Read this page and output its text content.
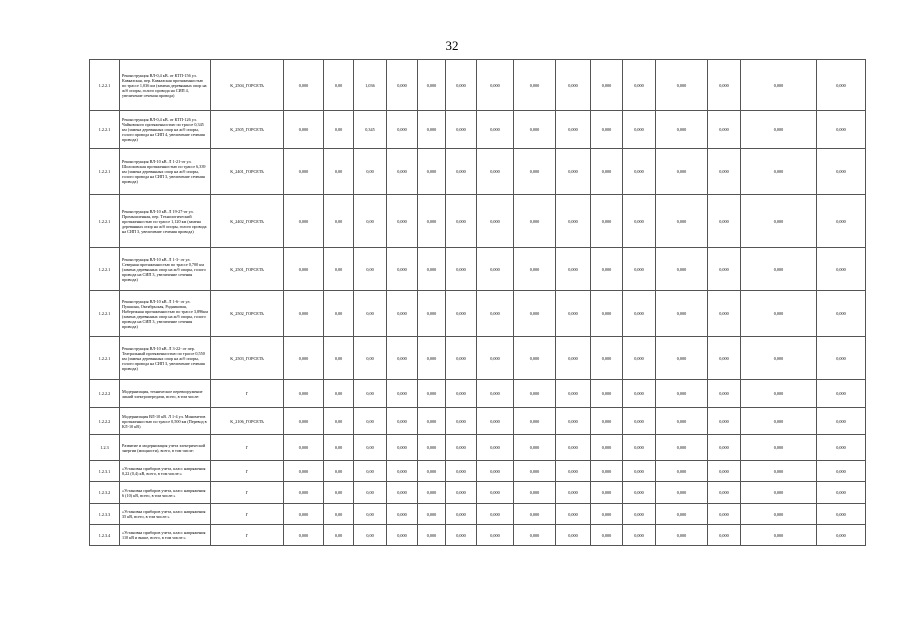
32
1.2.2.1	Реконструкция ВЛ-0,4 кВ. от КТП-156 ул. Кавказская, пер. Кавказская протяженностью по трассе 1,036 км (замена деревянных опор на ж/б опоры, голого провода на СИП 4, увеличение сечения провода)	K_2504_ГОРСЕТЬ	0,000	0,00	1,036	0,000	0,000	0,000	0,000	0,000	0,000	0,000	0,000	0,000	0,000	0,000	0,000
1.2.2.1	Реконструкция ВЛ-0,4 кВ. от КТП-126 ул. Чайковского протяженностью по трассе 0,345 км (замена деревянных опор на ж/б опоры, голого провода на СИП 4, увеличение сечения провода)	K_2505_ГОРСЕТЬ	0,000	0,00	0,345	0,000	0,000	0,000	0,000	0,000	0,000	0,000	0,000	0,000	0,000	0,000	0,000
1.2.2.1	Реконструкция ВЛ-10 кВ. Л 1-21-от ул. Шолоховская протяженностью по трассе 6,339 км (замена деревянных опор на ж/б опоры, голого провода на СИП 3, увеличение сечения провода)	K_2401_ГОРСЕТЬ	0,000	0,00	0,00	0,000	0,000	0,000	0,000	0,000	0,000	0,000	0,000	0,000	0,000	0,000	0,000
1.2.2.1	Реконструкция ВЛ-10 кВ. Л 19-27-от ул. Промышленная, пер. Технологический протяженностью по трассе 1,120 км (замена деревянных опор на ж/б опоры, голого провода на СИП 3, увеличение сечения провода)	K_2402_ГОРСЕТЬ	0,000	0,00	0,00	0,000	0,000	0,000	0,000	0,000	0,000	0,000	0,000	0,000	0,000	0,000	0,000
1.2.2.1	Реконструкция ВЛ-10 кВ. Л 1-3- от ул. Северная протяженностью по трассе 0,700 км (замена деревянных опор на ж/б опоры, голого провода на СИП 3, увеличение сечения провода)	K_2501_ГОРСЕТЬ	0,000	0,00	0,00	0,000	0,000	0,000	0,000	0,000	0,000	0,000	0,000	0,000	0,000	0,000	0,000
1.2.2.1	Реконструкция ВЛ-10 кВ. Л 1-6- от ул. Пушкина, Октябрьская, Родниковая, Набережная протяженностью по трассе 3,896км (замена деревянных опор на ж/б опоры, голого провода на СИП 3, увеличение сечения провода)	K_2502_ГОРСЕТЬ	0,000	0,00	0,00	0,000	0,000	0,000	0,000	0,000	0,000	0,000	0,000	0,000	0,000	0,000	0,000
1.2.2.1	Реконструкция ВЛ-10 кВ. Л 3-22- от пер. Театральный протяженностью по трассе 0,550 км (замена деревянных опор на ж/б опоры, голого провода на СИП 3, увеличение сечения провода)	K_2503_ГОРСЕТЬ	0,000	0,00	0,00	0,000	0,000	0,000	0,000	0,000	0,000	0,000	0,000	0,000	0,000	0,000	0,000
1.2.2.2	Модернизация, техническое перевооружение линий электропередачи, всего, в том числе:	Г	0,000	0,00	0,00	0,000	0,000	0,000	0,000	0,000	0,000	0,000	0,000	0,000	0,000	0,000	0,000
1.2.2.2	Модернизация ВЛ-10 кВ. Л 1-4 ул. Минометов протяженностью по трассе 0,500 км (Перевод в КЛ-10 кВ)	K_2106_ГОРСЕТЬ	0,000	0,00	0,00	0,000	0,000	0,000	0,000	0,000	0,000	0,000	0,000	0,000	0,000	0,000	0,000
1.2.3	Развитие и модернизация учета электрической энергии (мощности), всего, в том числе:	Г	0,000	0,00	0,00	0,000	0,000	0,000	0,000	0,000	0,000	0,000	0,000	0,000	0,000	0,000	0,000
1.2.3.1	«Установка приборов учета, класс напряжения 0,22 (0,4) кВ, всего, в том числе:»	Г	0,000	0,00	0,00	0,000	0,000	0,000	0,000	0,000	0,000	0,000	0,000	0,000	0,000	0,000	0,000
1.2.3.2	«Установка приборов учета, класс напряжения 6 (10) кВ, всего, в том числе:»	Г	0,000	0,00	0,00	0,000	0,000	0,000	0,000	0,000	0,000	0,000	0,000	0,000	0,000	0,000	0,000
1.2.3.3	«Установка приборов учета, класс напряжения 35 кВ, всего, в том числе:»	Г	0,000	0,00	0,00	0,000	0,000	0,000	0,000	0,000	0,000	0,000	0,000	0,000	0,000	0,000	0,000
1.2.3.4	«Установка приборов учета, класс напряжения 110 кВ и выше, всего, в том числе:»	Г	0,000	0,00	0,00	0,000	0,000	0,000	0,000	0,000	0,000	0,000	0,000	0,000	0,000	0,000	0,000
